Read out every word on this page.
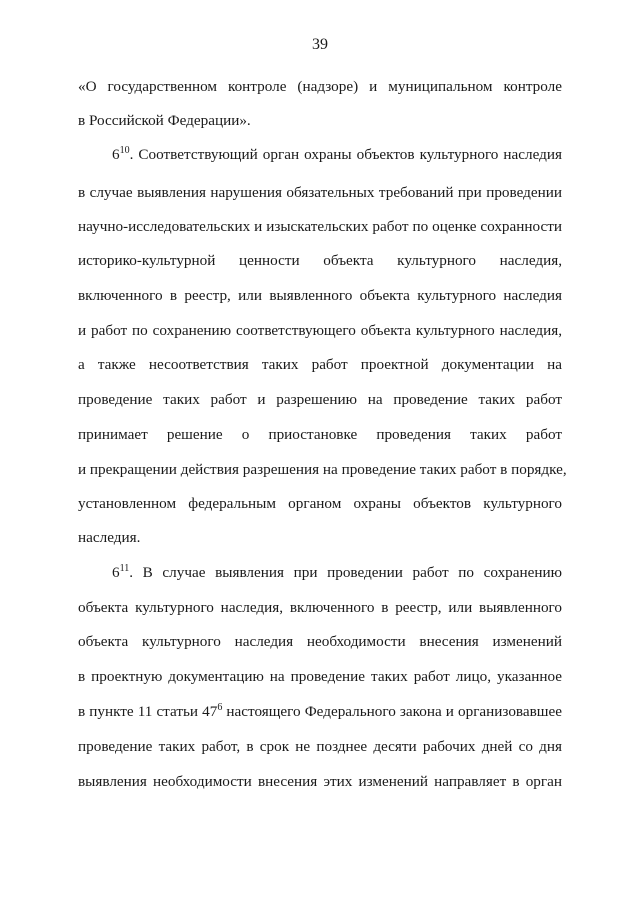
39
«О государственном контроле (надзоре) и муниципальном контроле
в Российской Федерации».
$6^{10}$. Соответствующий орган охраны объектов культурного наследия
в случае выявления нарушения обязательных требований при проведении
научно-исследовательских и изыскательских работ по оценке сохранности
историко-культурной ценности объекта культурного наследия,
включенного в реестр, или выявленного объекта культурного наследия
и работ по сохранению соответствующего объекта культурного наследия,
а также несоответствия таких работ проектной документации на
проведение таких работ и разрешению на проведение таких работ
принимает решение о приостановке проведения таких работ
и прекращении действия разрешения на проведение таких работ в порядке,
установленном федеральным органом охраны объектов культурного
наследия.
$6^{11}$. В случае выявления при проведении работ по сохранению
объекта культурного наследия, включенного в реестр, или выявленного
объекта культурного наследия необходимости внесения изменений
в проектную документацию на проведение таких работ лицо, указанное
в пункте 11 статьи $47^6$ настоящего Федерального закона и организовавшее
проведение таких работ, в срок не позднее десяти рабочих дней со дня
выявления необходимости внесения этих изменений направляет в орган
